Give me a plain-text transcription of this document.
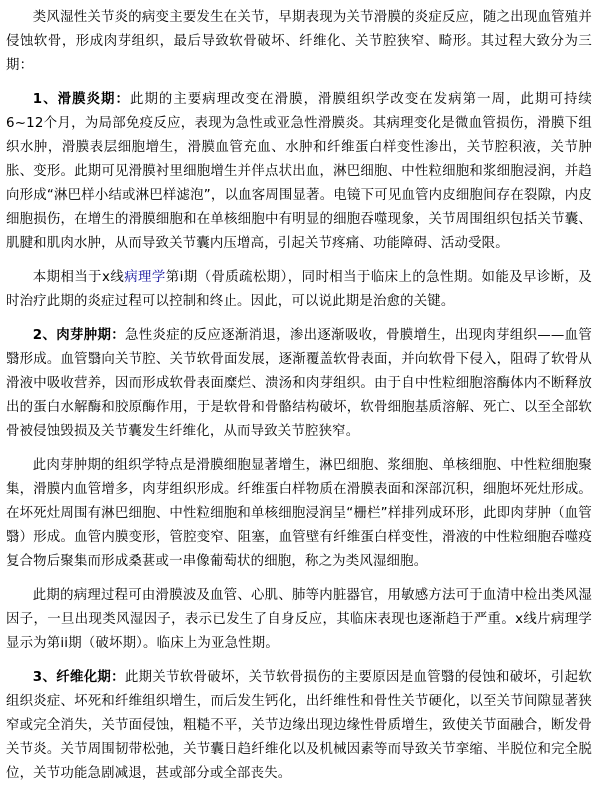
类风湿性关节炎的病变主要发生在关节，早期表现为关节滑膜的炎症反应，随之出现血管殖并侵蚀软骨，形成肉芽组织，最后导致软骨破坏、纤维化、关节腔狭窄、畸形。其过程大致分为三期：

1、滑膜炎期：此期的主要病理改变在滑膜，滑膜组织学改变在发病第一周，此期可持续6~12个月，为局部免疫反应，表现为急性或亚急性滑膜炎。其病理变化是微血管损伤，滑膜下组织水肿，滑膜表层细胞增生，滑膜血管充血、水肿和纤维蛋白样变性渗出，关节腔积液，关节肿胀、变形。此期可见滑膜衬里细胞增生并伴点状出血，淋巴细胞、中性粒细胞和浆细胞浸润，并趋向形成“淋巴样小结或淋巴样滤泡”，以血客周围显著。电镜下可见血管内皮细胞间存在裂隙，内皮细胞损伤，在增生的滑膜细胞和在单核细胞中有明显的细胞吞噬现象，关节周围组织包括关节囊、肌腱和肌肉水肿，从而导致关节囊内压增高，引起关节疼痛、功能障碍、活动受限。

本期相当于x线病理学第i期（骨质疏松期），同时相当于临床上的急性期。如能及早诊断，及时治疗此期的炎症过程可以控制和终止。因此，可以说此期是治愈的关键。

2、肉芽肿期：急性炎症的反应逐渐消退，渗出逐渐吸收，骨膜增生，出现肉芽组织——血管翳形成。血管翳向关节腔、关节软骨面发展，逐渐覆盖软骨表面，并向软骨下侵入，阻碍了软骨从滑液中吸收营养，因而形成软骨表面糜烂、溃汤和肉芽组织。由于自中性粒细胞溶酶体内不断释放出的蛋白水解酶和胶原酶作用，于是软骨和骨骼结构破坏，软骨细胞基质溶解、死亡、以至全部软骨被侵蚀毁损及关节囊发生纤维化，从而导致关节腔狭窄。

此肉芽肿期的组织学特点是滑膜细胞显著增生，淋巴细胞、浆细胞、单核细胞、中性粒细胞聚集，滑膜内血管增多，肉芽组织形成。纤维蛋白样物质在滑膜表面和深部沉积，细胞坏死灶形成。在坏死灶周围有淋巴细胞、中性粒细胞和单核细胞浸润呈“栅栏”样排列成环形，此即肉芽肿（血管翳）形成。血管内膜变形，管腔变窄、阻塞，血管壁有纤维蛋白样变性，滑液的中性粒细胞吞噬疫复合物后聚集而形成桑葚或一串像葡萄状的细胞，称之为类风湿细胞。

此期的病理过程可由滑膜波及血管、心肌、肺等内脏器官，用敏感方法可于血清中检出类风湿因子，一旦出现类风湿因子，表示已发生了自身反应，其临床表现也逐渐趋于严重。x线片病理学显示为第ii期（破坏期）。临床上为亚急性期。

3、纤维化期：此期关节软骨破坏，关节软骨损伤的主要原因是血管翳的侵蚀和破坏，引起软组织炎症、坏死和纤维组织增生，而后发生钙化，出纤维性和骨性关节硬化，以至关节间隙显著狭窄或完全消失，关节面侵蚀，粗糙不平，关节边缘出现边缘性骨质增生，致使关节面融合，断发骨关节炎。关节周围韧带松弛，关节囊日趋纤维化以及机械因素等而导致关节挛缩、半脱位和完全脱位，关节功能急剧减退，甚或部分或全部丧失。
